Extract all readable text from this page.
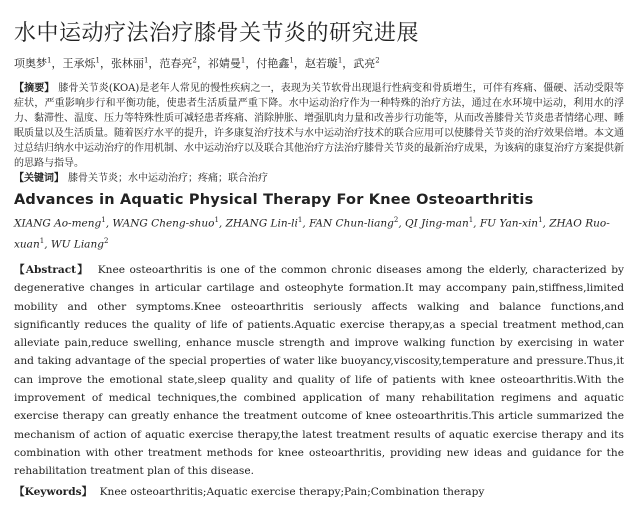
水中运动疗法治疗膝骨关节炎的研究进展

项奥梦$^1$，王承烁$^1$，张林丽$^1$，范春亮$^2$，祁婧曼$^1$，付艳鑫$^1$，赵若璇$^1$，武亮$^2$

【摘要】 膝骨关节炎(KOA)是老年人常见的慢性疾病之一，表现为关节软骨出现退行性病变和骨质增生，可伴有疼痛、僵硬、活动受限等症状，严重影响步行和平衡功能，使患者生活质量严重下降。水中运动治疗作为一种特殊的治疗方法，通过在水环境中运动，利用水的浮力、黏滞性、温度、压力等特殊性质可减轻患者疼痛、消除肿胀、增强肌肉力量和改善步行功能等，从而改善膝骨关节炎患者情绪心理、睡眠质量以及生活质量。随着医疗水平的提升，许多康复治疗技术与水中运动治疗技术的联合应用可以使膝骨关节炎的治疗效果倍增。本文通过总结归纳水中运动治疗的作用机制、水中运动治疗以及联合其他治疗方法治疗膝骨关节炎的最新治疗成果，为该病的康复治疗方案提供新的思路与指导。

【关键词】 膝骨关节炎；水中运动治疗；疼痛；联合治疗

Advances in Aquatic Physical Therapy For Knee Osteoarthritis

XIANG Ao-meng$^1$, WANG Cheng-shuo$^1$, ZHANG Lin-$li^1$, FAN Chun-liang$^2$, QI Jing-man$^1$, FU Yan-xin$^1$, ZHAO Ruo-xuan$^1$, WU Liang$^2$

【Abstract】 Knee osteoarthritis is one of the common chronic diseases among the elderly, characterized by degenerative changes in articular cartilage and osteophyte formation.It may accompany pain,stiffness,limited mobility and other symptoms.Knee osteoarthritis seriously affects walking and balance functions,and significantly reduces the quality of life of patients.Aquatic exercise therapy,as a special treatment method,can alleviate pain,reduce swelling, enhance muscle strength and improve walking function by exercising in water and taking advantage of the special properties of water like buoyancy,viscosity,temperature and pressure.Thus,it can improve the emotional state,sleep quality and quality of life of patients with knee osteoarthritis.With the improvement of medical techniques,the combined application of many rehabilitation regimens and aquatic exercise therapy can greatly enhance the treatment outcome of knee osteoarthritis.This article summarized the mechanism of action of aquatic exercise therapy,the latest treatment results of aquatic exercise therapy and its combination with other treatment methods for knee osteoarthritis, providing new ideas and guidance for the rehabilitation treatment plan of this disease.

【Keywords】 Knee osteoarthritis;Aquatic exercise therapy;Pain;Combination therapy
